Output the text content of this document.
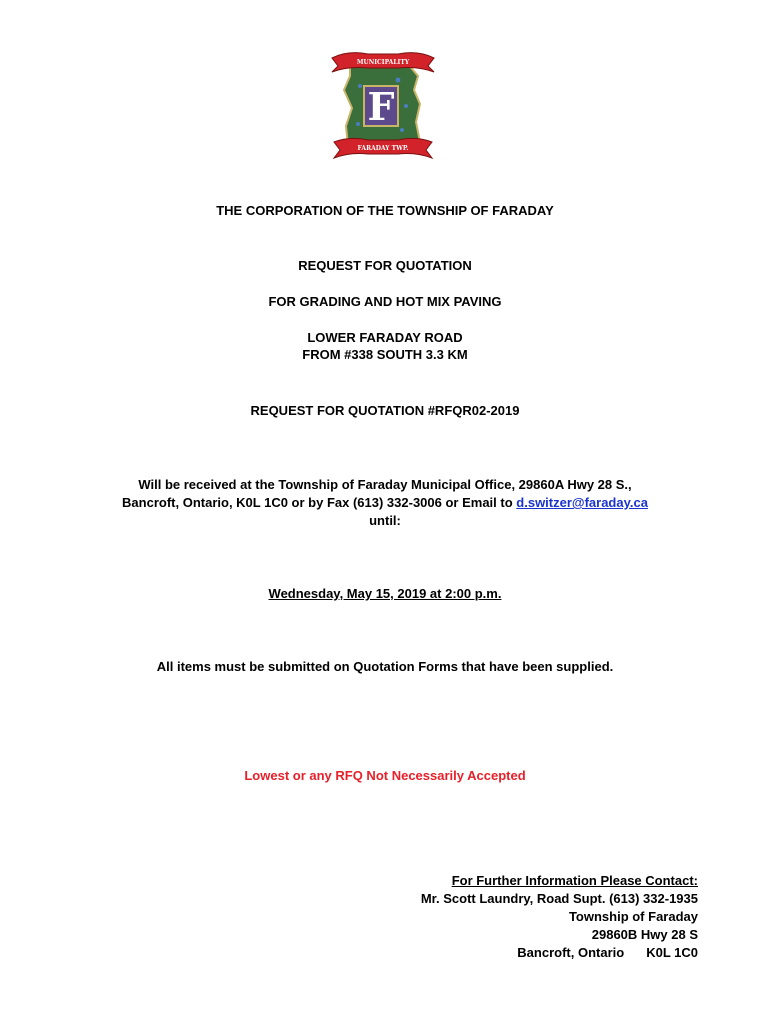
F
MUNICIPALITY
FARADAY TWP.
THE CORPORATION OF THE TOWNSHIP OF FARADAY
REQUEST FOR QUOTATION
FOR GRADING AND HOT MIX PAVING
LOWER FARADAY ROAD
FROM #338 SOUTH 3.3 KM
REQUEST FOR QUOTATION #RFQR02-2019
Will be received at the Township of Faraday Municipal Office, 29860A Hwy 28 S.,
Bancroft, Ontario, K0L 1C0 or by Fax (613) 332-3006 or Email to d.switzer@faraday.ca
until:
Wednesday, May 15, 2019 at 2:00 p.m.
All items must be submitted on Quotation Forms that have been supplied.
Lowest or any RFQ Not Necessarily Accepted
For Further Information Please Contact:
Mr. Scott Laundry, Road Supt. (613) 332-1935
Township of Faraday
29860B Hwy 28 S
Bancroft, Ontario K0L 1C0
